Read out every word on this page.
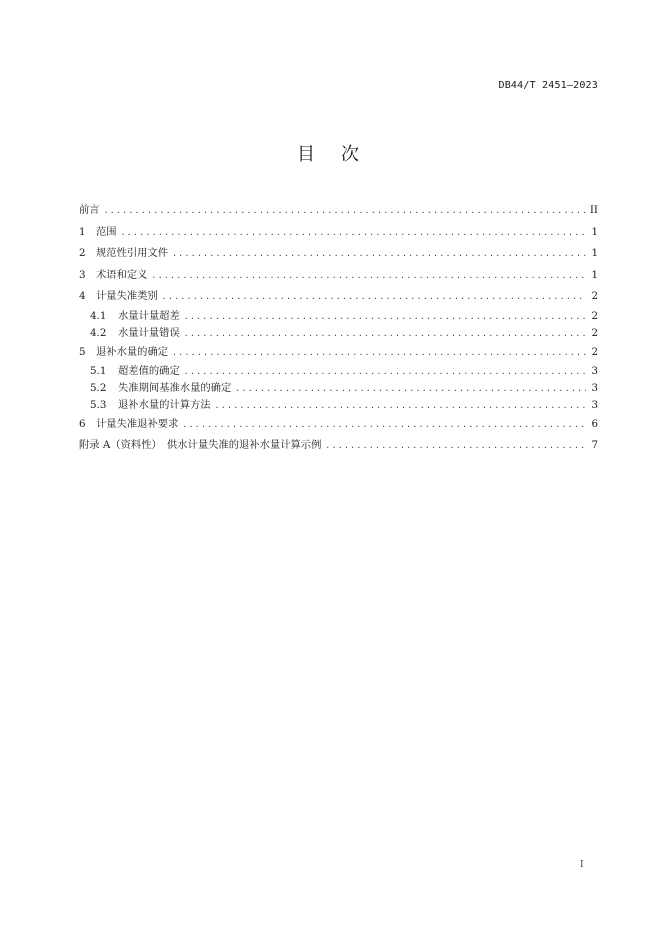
DB44/T 2451—2023
目次
前言 .....	II
1 范围 .....	1
2 规范性引用文件 .....	1
3 术语和定义 .....	1
4 计量失准类别 .....	2
4.1 水量计量超差 .....	2
4.2 水量计量错误 .....	2
5 退补水量的确定 .....	2
5.1 超差值的确定 .....	3
5.2 失准期间基准水量的确定 .....	3
5.3 退补水量的计算方法 .....	3
6 计量失准退补要求 .....	6
附录 A（资料性）　供水计量失准的退补水量计算示例 .....	7
I
